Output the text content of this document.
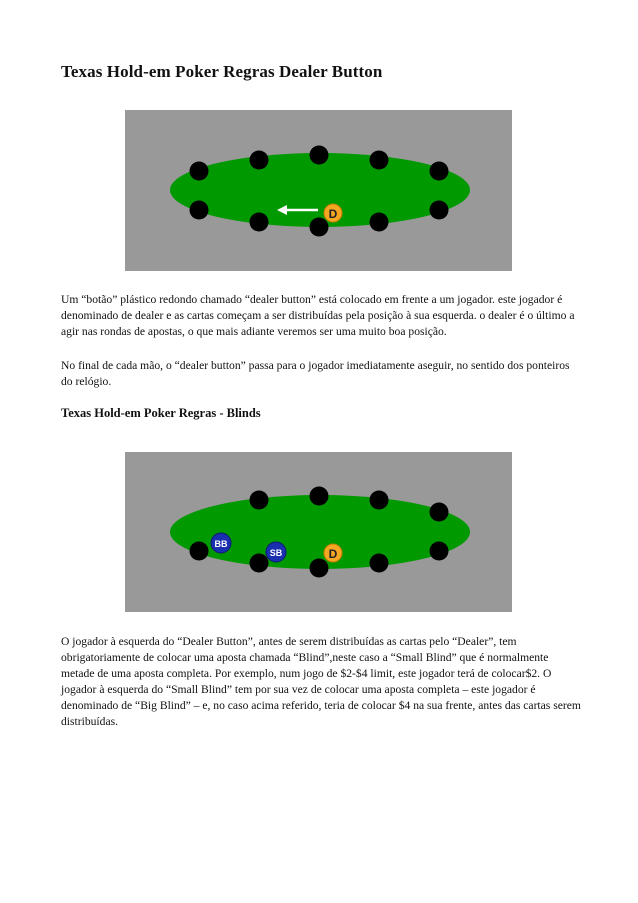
Texas Hold-em Poker Regras Dealer Button
D

Um “botão” plástico redondo chamado “dealer button” está colocado em frente a um jogador. este jogador é denominado de dealer e as cartas começam a ser distribuídas pela posição à sua esquerda. o dealer é o último a agir nas rondas de apostas, o que mais adiante veremos ser uma muito boa posição.

No final de cada mão, o “dealer button” passa para o jogador imediatamente aseguir, no sentido dos ponteiros do relógio.

Texas Hold-em Poker Regras - Blinds
BB
SB	D

O jogador à esquerda do “Dealer Button”, antes de serem distribuídas as cartas pelo “Dealer”, tem obrigatoriamente de colocar uma aposta chamada “Blind”,neste caso a “Small Blind” que é normalmente metade de uma aposta completa. Por exemplo, num jogo de $2-$4 limit, este jogador terá de colocar$2. O jogador à esquerda do “Small Blind” tem por sua vez de colocar uma aposta completa – este jogador é denominado de “Big Blind” – e, no caso acima referido, teria de colocar $4 na sua frente, antes das cartas serem distribuídas.
